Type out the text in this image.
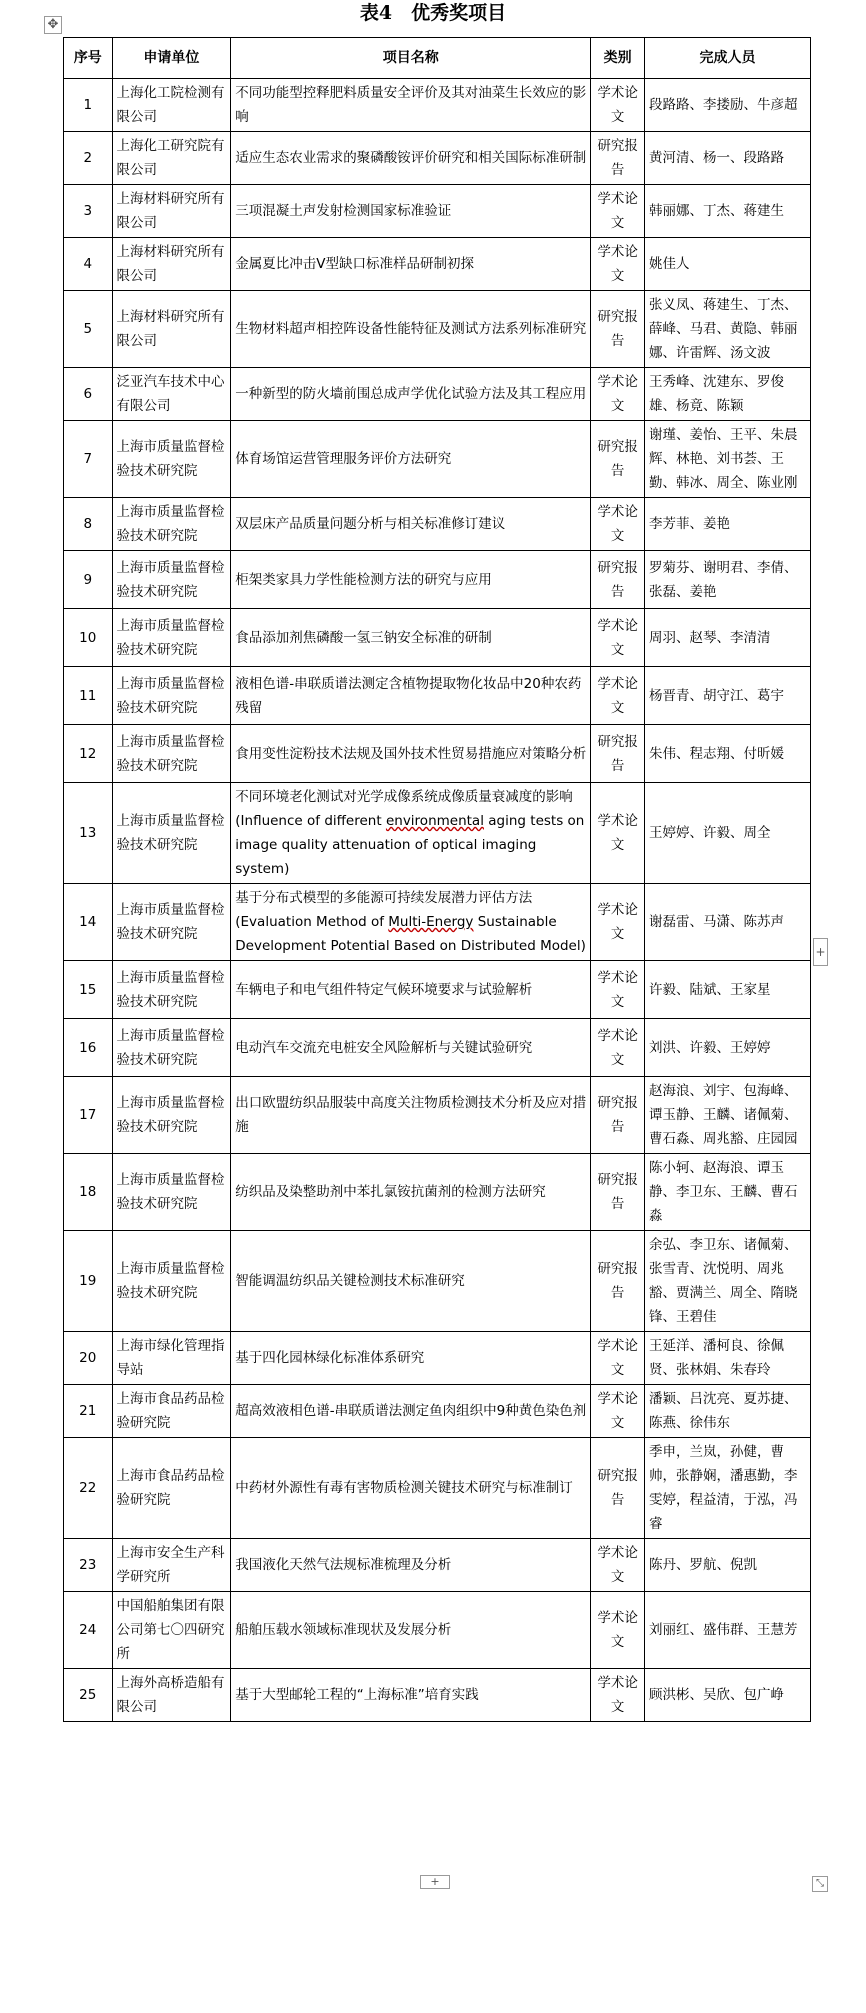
✥
表4　优秀奖项目
序号	申请单位	项目名称	类别	完成人员
1	上海化工院检测有限公司	不同功能型控释肥料质量安全评价及其对油菜生长效应的影响	学术论文	段路路、李搂励、牛彦超
2	上海化工研究院有限公司	适应生态农业需求的聚磷酸铵评价研究和相关国际标准研制	研究报告	黄河清、杨一、段路路
3	上海材料研究所有限公司	三项混凝土声发射检测国家标准验证	学术论文	韩丽娜、丁杰、蒋建生
4	上海材料研究所有限公司	金属夏比冲击V型缺口标准样品研制初探	学术论文	姚佳人
5	上海材料研究所有限公司	生物材料超声相控阵设备性能特征及测试方法系列标准研究	研究报告	张义凤、蒋建生、丁杰、薛峰、马君、黄隐、韩丽娜、许雷辉、汤文波
6	泛亚汽车技术中心有限公司	一种新型的防火墙前围总成声学优化试验方法及其工程应用	学术论文	王秀峰、沈建东、罗俊雄、杨竟、陈颖
7	上海市质量监督检验技术研究院	体育场馆运营管理服务评价方法研究	研究报告	谢瑾、姜怡、王平、朱晨辉、林艳、刘书荟、王勤、韩冰、周全、陈业刚
8	上海市质量监督检验技术研究院	双层床产品质量问题分析与相关标准修订建议	学术论文	李芳菲、姜艳
9	上海市质量监督检验技术研究院	柜架类家具力学性能检测方法的研究与应用	研究报告	罗菊芬、谢明君、李倩、张磊、姜艳
10	上海市质量监督检验技术研究院	食品添加剂焦磷酸一氢三钠安全标准的研制	学术论文	周羽、赵琴、李清清
11	上海市质量监督检验技术研究院	液相色谱-串联质谱法测定含植物提取物化妆品中20种农药残留	学术论文	杨晋青、胡守江、葛宇
12	上海市质量监督检验技术研究院	食用变性淀粉技术法规及国外技术性贸易措施应对策略分析	研究报告	朱伟、程志翔、付昕媛
13	上海市质量监督检验技术研究院	不同环境老化测试对光学成像系统成像质量衰减度的影响(Influence of different environmental aging tests on image quality attenuation of optical imaging system)	学术论文	王婷婷、许毅、周全
14	上海市质量监督检验技术研究院	基于分布式模型的多能源可持续发展潜力评估方法(Evaluation Method of Multi-Energy Sustainable Development Potential Based on Distributed Model)	学术论文	谢磊雷、马潇、陈苏声
15	上海市质量监督检验技术研究院	车辆电子和电气组件特定气候环境要求与试验解析	学术论文	许毅、陆斌、王家星
16	上海市质量监督检验技术研究院	电动汽车交流充电桩安全风险解析与关键试验研究	学术论文	刘洪、许毅、王婷婷
17	上海市质量监督检验技术研究院	出口欧盟纺织品服装中高度关注物质检测技术分析及应对措施	研究报告	赵海浪、刘宇、包海峰、谭玉静、王麟、诸佩菊、曹石淼、周兆豁、庄园园
18	上海市质量监督检验技术研究院	纺织品及染整助剂中苯扎氯铵抗菌剂的检测方法研究	研究报告	陈小轲、赵海浪、谭玉静、李卫东、王麟、曹石淼
19	上海市质量监督检验技术研究院	智能调温纺织品关键检测技术标准研究	研究报告	余弘、李卫东、诸佩菊、张雪青、沈悦明、周兆豁、贾满兰、周全、隋晓锋、王碧佳
20	上海市绿化管理指导站	基于四化园林绿化标准体系研究	学术论文	王延洋、潘柯良、徐佩贤、张林娟、朱春玲
21	上海市食品药品检验研究院	超高效液相色谱-串联质谱法测定鱼肉组织中9种黄色染色剂	学术论文	潘颖、吕沈亮、夏苏捷、陈燕、徐伟东
22	上海市食品药品检验研究院	中药材外源性有毒有害物质检测关键技术研究与标准制订	研究报告	季申，兰岚，孙健，曹帅，张静娴，潘惠勤，李雯婷，程益清，于泓，冯睿
23	上海市安全生产科学研究所	我国液化天然气法规标准梳理及分析	学术论文	陈丹、罗航、倪凯
24	中国船舶集团有限公司第七〇四研究所	船舶压载水领域标准现状及发展分析	学术论文	刘丽红、盛伟群、王慧芳
25	上海外高桥造船有限公司	基于大型邮轮工程的“上海标准”培育实践	学术论文	顾洪彬、吴欣、包广峥
+
+	⤡
